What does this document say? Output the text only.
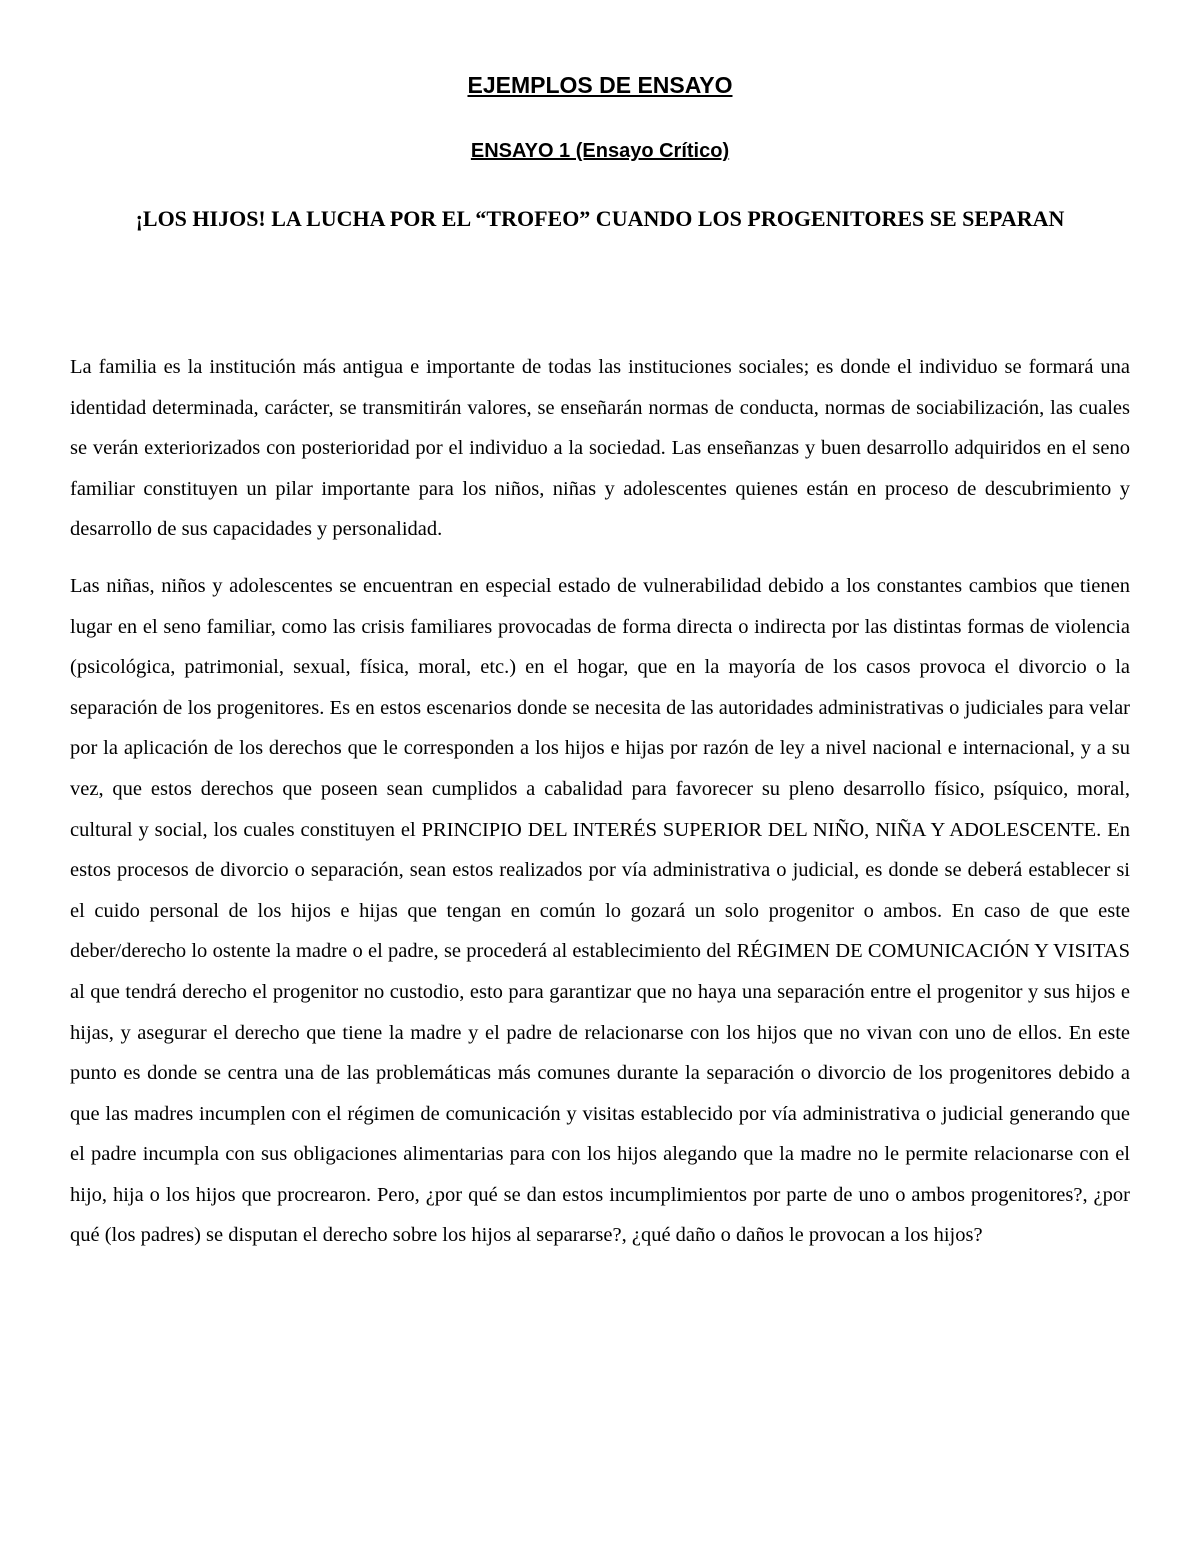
EJEMPLOS DE ENSAYO
ENSAYO 1 (Ensayo Crítico)
¡LOS HIJOS! LA LUCHA POR EL “TROFEO” CUANDO LOS PROGENITORES SE SEPARAN

La familia es la institución más antigua e importante de todas las instituciones sociales; es donde el individuo se formará una identidad determinada, carácter, se transmitirán valores, se enseñarán normas de conducta, normas de sociabilización, las cuales se verán exteriorizados con posterioridad por el individuo a la sociedad. Las enseñanzas y buen desarrollo adquiridos en el seno familiar constituyen un pilar importante para los niños, niñas y adolescentes quienes están en proceso de descubrimiento y desarrollo de sus capacidades y personalidad.

Las niñas, niños y adolescentes se encuentran en especial estado de vulnerabilidad debido a los constantes cambios que tienen lugar en el seno familiar, como las crisis familiares provocadas de forma directa o indirecta por las distintas formas de violencia (psicológica, patrimonial, sexual, física, moral, etc.) en el hogar, que en la mayoría de los casos provoca el divorcio o la separación de los progenitores. Es en estos escenarios donde se necesita de las autoridades administrativas o judiciales para velar por la aplicación de los derechos que le corresponden a los hijos e hijas por razón de ley a nivel nacional e internacional, y a su vez, que estos derechos que poseen sean cumplidos a cabalidad para favorecer su pleno desarrollo físico, psíquico, moral, cultural y social, los cuales constituyen el PRINCIPIO DEL INTERÉS SUPERIOR DEL NIÑO, NIÑA Y ADOLESCENTE. En estos procesos de divorcio o separación, sean estos realizados por vía administrativa o judicial, es donde se deberá establecer si el cuido personal de los hijos e hijas que tengan en común lo gozará un solo progenitor o ambos. En caso de que este deber/derecho lo ostente la madre o el padre, se procederá al establecimiento del RÉGIMEN DE COMUNICACIÓN Y VISITAS al que tendrá derecho el progenitor no custodio, esto para garantizar que no haya una separación entre el progenitor y sus hijos e hijas, y asegurar el derecho que tiene la madre y el padre de relacionarse con los hijos que no vivan con uno de ellos. En este punto es donde se centra una de las problemáticas más comunes durante la separación o divorcio de los progenitores debido a que las madres incumplen con el régimen de comunicación y visitas establecido por vía administrativa o judicial generando que el padre incumpla con sus obligaciones alimentarias para con los hijos alegando que la madre no le permite relacionarse con el hijo, hija o los hijos que procrearon. Pero, ¿por qué se dan estos incumplimientos por parte de uno o ambos progenitores?, ¿por qué (los padres) se disputan el derecho sobre los hijos al separarse?, ¿qué daño o daños le provocan a los hijos?
